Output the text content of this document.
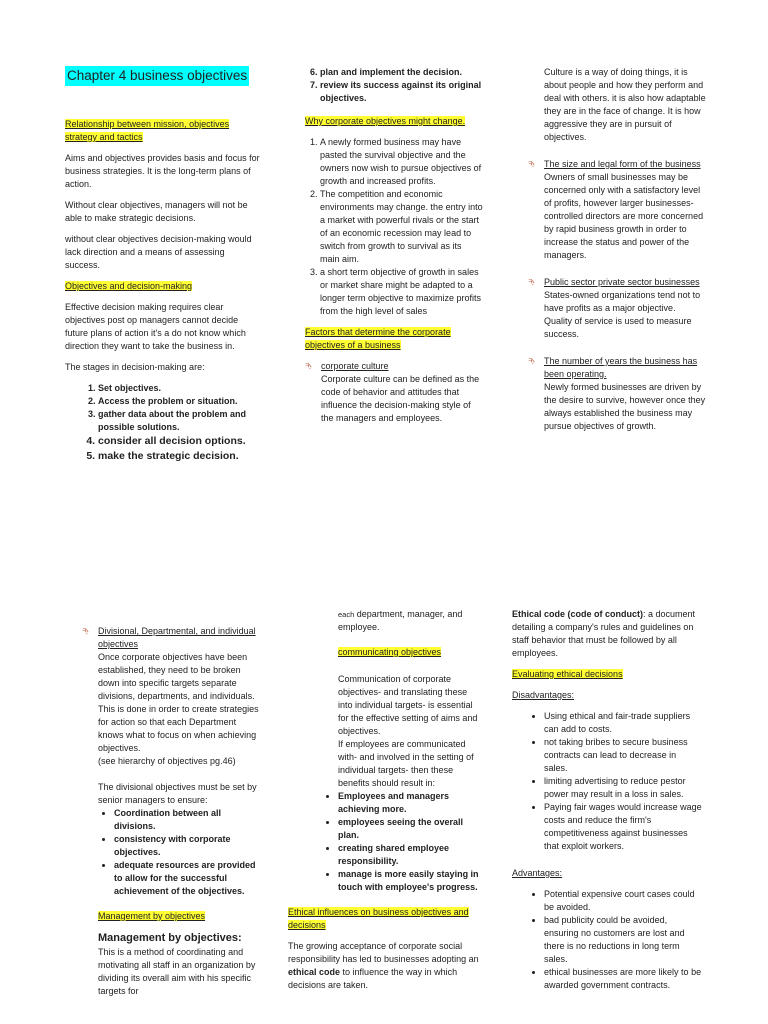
Chapter 4 business objectives

Relationship between mission, objectives strategy and tactics

Aims and objectives provides basis and focus for business strategies. It is the long-term plans of action.

Without clear objectives, managers will not be able to make strategic decisions.

without clear objectives decision-making would lack direction and a means of assessing success.

Objectives and decision-making

Effective decision making requires clear objectives post op managers cannot decide future plans of action it's a do not know which direction they want to take the business in.

The stages in decision-making are:

1. Set objectives.
2. Access the problem or situation.
3. gather data about the problem and possible solutions.
4. consider all decision options.
5. make the strategic decision.
6. plan and implement the decision.
7. review its success against its original objectives.

Why corporate objectives might change.

1. A newly formed business may have pasted the survival objective and the owners now wish to pursue objectives of growth and increased profits.
2. The competition and economic environments may change. the entry into a market with powerful rivals or the start of an economic recession may lead to switch from growth to survival as its main aim.
3. a short term objective of growth in sales or market share might be adapted to a longer term objective to maximize profits from the high level of sales

Factors that determine the corporate objectives of a business

⮷ corporate culture
Corporate culture can be defined as the code of behavior and attitudes that influence the decision-making style of the managers and employees.
Culture is a way of doing things, it is about people and how they perform and deal with others. it is also how adaptable they are in the face of change. It is how aggressive they are in pursuit of objectives.
⮷ The size and legal form of the business
Owners of small businesses may be concerned only with a satisfactory level of profits, however larger businesses-controlled directors are more concerned by rapid business growth in order to increase the status and power of the managers.
⮷ Public sector private sector businesses
States-owned organizations tend not to have profits as a major objective. Quality of service is used to measure success.
⮷ The number of years the business has been operating.
Newly formed businesses are driven by the desire to survive, however once they always established the business may pursue objectives of growth.
⮷ Divisional, Departmental, and individual objectives
Once corporate objectives have been established, they need to be broken down into specific targets separate divisions, departments, and individuals. This is done in order to create strategies for action so that each Department knows what to focus on when achieving objectives.
(see hierarchy of objectives pg.46)
The divisional objectives must be set by senior managers to ensure:
• Coordination between all divisions.
• consistency with corporate objectives.
• adequate resources are provided to allow for the successful achievement of the objectives.

Management by objectives

Management by objectives:
This is a method of coordinating and motivating all staff in an organization by dividing its overall aim with his specific targets for
each department, manager, and employee.

communicating objectives

Communication of corporate objectives- and translating these into individual targets- is essential for the effective setting of aims and objectives.
If employees are communicated with- and involved in the setting of individual targets- then these benefits should result in:
• Employees and managers achieving more.
• employees seeing the overall plan.
• creating shared employee responsibility.
• manage is more easily staying in touch with employee's progress.

Ethical influences on business objectives and decisions

The growing acceptance of corporate social responsibility has led to businesses adopting an ethical code to influence the way in which decisions are taken.

Ethical code (code of conduct): a document detailing a company's rules and guidelines on staff behavior that must be followed by all employees.

Evaluating ethical decisions

Disadvantages:

• Using ethical and fair-trade suppliers can add to costs.
• not taking bribes to secure business contracts can lead to decrease in sales.
• limiting advertising to reduce pestor power may result in a loss in sales.
• Paying fair wages would increase wage costs and reduce the firm's competitiveness against businesses that exploit workers.

Advantages:

• Potential expensive court cases could be avoided.
• bad publicity could be avoided, ensuring no customers are lost and there is no reductions in long term sales.
• ethical businesses are more likely to be awarded government contracts.
